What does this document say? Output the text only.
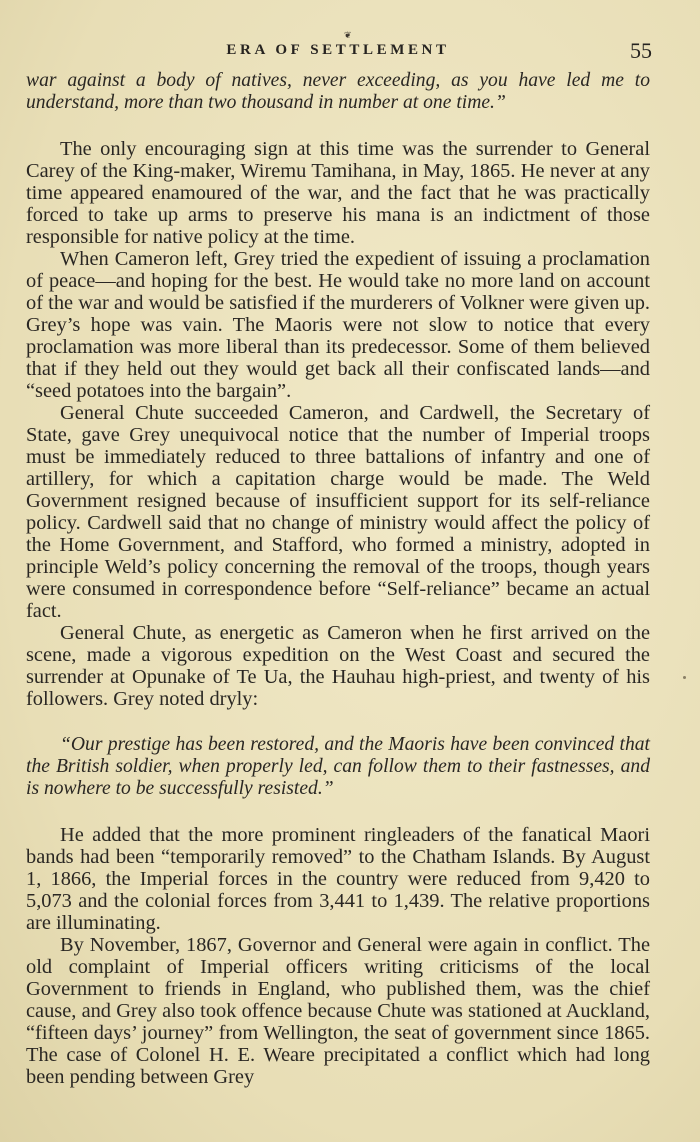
❦
ERA OF SETTLEMENT	55

war against a body of natives, never exceeding, as you have led me to understand, more than two thousand in number at one time.”

The only encouraging sign at this time was the surrender to General Carey of the King-maker, Wiremu Tamihana, in May, 1865. He never at any time appeared enamoured of the war, and the fact that he was practically forced to take up arms to preserve his mana is an indictment of those responsible for native policy at the time.

When Cameron left, Grey tried the expedient of issuing a proclamation of peace—and hoping for the best. He would take no more land on account of the war and would be satisfied if the murderers of Volkner were given up. Grey’s hope was vain. The Maoris were not slow to notice that every proclamation was more liberal than its predecessor. Some of them believed that if they held out they would get back all their confiscated lands—and “seed potatoes into the bargain”.

General Chute succeeded Cameron, and Cardwell, the Secretary of State, gave Grey unequivocal notice that the number of Imperial troops must be immediately reduced to three battalions of infantry and one of artillery, for which a capitation charge would be made. The Weld Government resigned because of insufficient support for its self-reliance policy. Cardwell said that no change of ministry would affect the policy of the Home Government, and Stafford, who formed a ministry, adopted in principle Weld’s policy concerning the removal of the troops, though years were consumed in correspondence before “Self-reliance” became an actual fact.

General Chute, as energetic as Cameron when he first arrived on the scene, made a vigorous expedition on the West Coast and secured the surrender at Opunake of Te Ua, the Hauhau high-priest, and twenty of his followers. Grey noted dryly:

“Our prestige has been restored, and the Maoris have been convinced that the British soldier, when properly led, can follow them to their fastnesses, and is nowhere to be successfully resisted.”

He added that the more prominent ringleaders of the fanatical Maori bands had been “temporarily removed” to the Chatham Islands. By August 1, 1866, the Imperial forces in the country were reduced from 9,420 to 5,073 and the colonial forces from 3,441 to 1,439. The relative proportions are illuminating.

By November, 1867, Governor and General were again in conflict. The old complaint of Imperial officers writing criticisms of the local Government to friends in England, who published them, was the chief cause, and Grey also took offence because Chute was stationed at Auckland, “fifteen days’ journey” from Wellington, the seat of government since 1865. The case of Colonel H. E. Weare precipitated a conflict which had long been pending between Grey
